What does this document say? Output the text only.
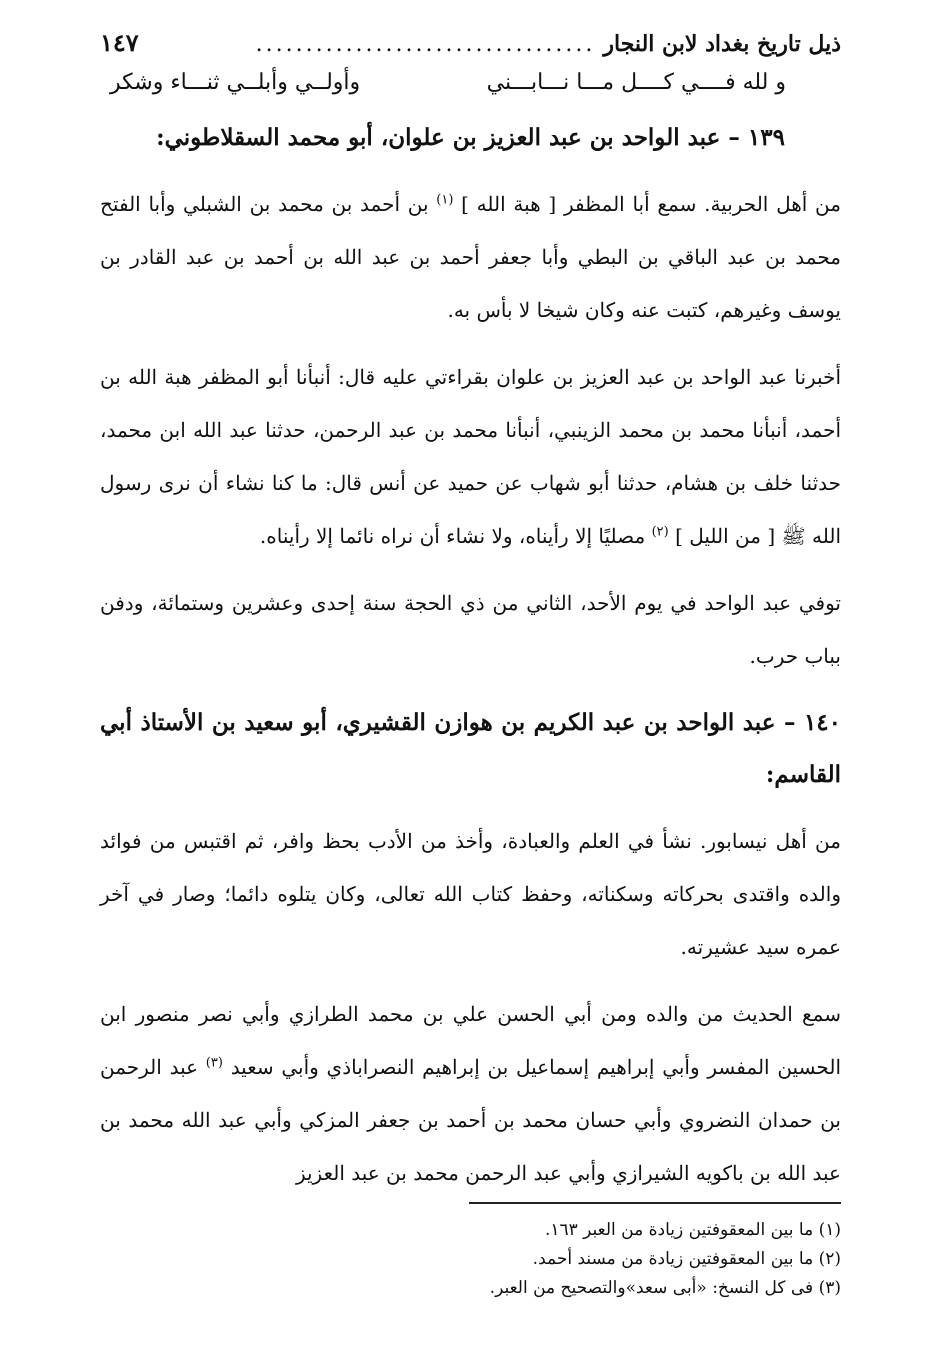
ذيل تاريخ بغداد لابن النجار
..................................
١٤٧
و لله فــــي كــــل مـــا نـــابـــني
وأولــي وأبلــي ثنـــاء وشكر
١٣٩ – عبد الواحد بن عبد العزيز بن علوان، أبو محمد السقلاطوني:

من أهل الحربية. سمع أبا المظفر [ هبة الله ] $^{(١)}$ بن أحمد بن محمد بن الشبلي وأبا الفتح محمد بن عبد الباقي بن البطي وأبا جعفر أحمد بن عبد الله بن أحمد بن عبد القادر بن يوسف وغيرهم، كتبت عنه وكان شيخا لا بأس به.

أخبرنا عبد الواحد بن عبد العزيز بن علوان بقراءتي عليه قال: أنبأنا أبو المظفر هبة الله بن أحمد، أنبأنا محمد بن محمد الزينبي، أنبأنا محمد بن عبد الرحمن، حدثنا عبد الله ابن محمد، حدثنا خلف بن هشام، حدثنا أبو شهاب عن حميد عن أنس قال: ما كنا نشاء أن نرى رسول الله ﷺ [ من الليل ] $^{(٢)}$ مصليًا إلا رأيناه، ولا نشاء أن نراه نائما إلا رأيناه.

توفي عبد الواحد في يوم الأحد، الثاني من ذي الحجة سنة إحدى وعشرين وستمائة، ودفن بباب حرب.

١٤٠ – عبد الواحد بن عبد الكريم بن هوازن القشيري، أبو سعيد بن الأستاذ أبي القاسم:

من أهل نيسابور. نشأ في العلم والعبادة، وأخذ من الأدب بحظ وافر، ثم اقتبس من فوائد والده واقتدى بحركاته وسكناته، وحفظ كتاب الله تعالى، وكان يتلوه دائما؛ وصار في آخر عمره سيد عشيرته.

سمع الحديث من والده ومن أبي الحسن علي بن محمد الطرازي وأبي نصر منصور ابن الحسين المفسر وأبي إبراهيم إسماعيل بن إبراهيم النصراباذي وأبي سعيد $^{(٣)}$ عبد الرحمن بن حمدان النضروي وأبي حسان محمد بن أحمد بن جعفر المزكي وأبي عبد الله محمد بن عبد الله بن باكويه الشيرازي وأبي عبد الرحمن محمد بن عبد العزيز

(١) ما بين المعقوفتين زيادة من العبر ١٦٣.
(٢) ما بين المعقوفتين زيادة من مسند أحمد.
(٣) فى كل النسخ: «أبى سعد»والتصحيح من العبر.
